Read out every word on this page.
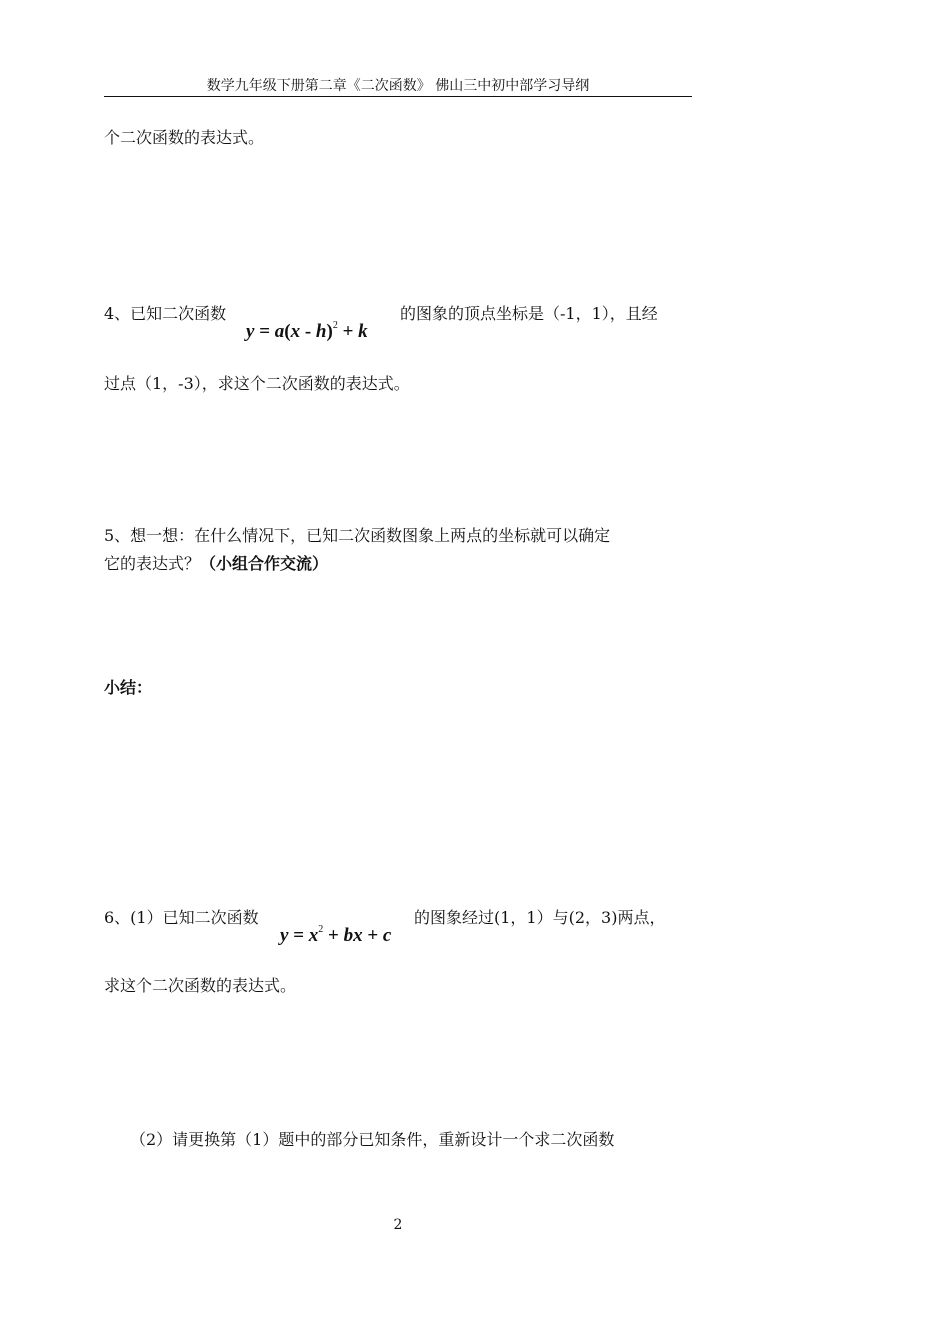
数学九年级下册第二章《二次函数》 佛山三中初中部学习导纲
个二次函数的表达式。
4、已知二次函数
y = a(x - h)$^2$ + k
的图象的顶点坐标是（-1，1），且经
过点（1，-3），求这个二次函数的表达式。
5、想一想：在什么情况下，已知二次函数图象上两点的坐标就可以确定
它的表达式？（小组合作交流）
小结：
6、(1）已知二次函数
$y = x^2$ + bx + c
的图象经过(1，1）与(2，3)两点，
求这个二次函数的表达式。
（2）请更换第（1）题中的部分已知条件，重新设计一个求二次函数
2
